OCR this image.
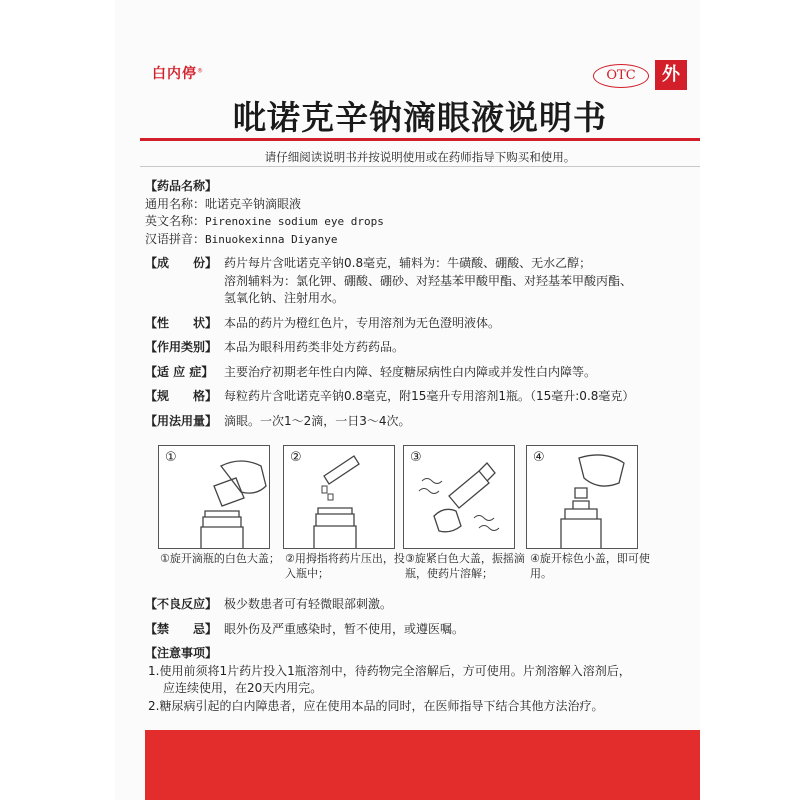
白内停®	OTC	外
吡诺克辛钠滴眼液说明书
请仔细阅读说明书并按说明使用或在药师指导下购买和使用。
【药品名称】
通用名称：吡诺克辛钠滴眼液
英文名称：Pirenoxine sodium eye drops
汉语拼音：Binuokexinna Diyanye
【成　　份】 药片每片含吡诺克辛钠0.8毫克，辅料为：牛磺酸、硼酸、无水乙醇；
溶剂辅料为：氯化钾、硼酸、硼砂、对羟基苯甲酸甲酯、对羟基苯甲酸丙酯、
氢氧化钠、注射用水。
【性　　状】 本品的药片为橙红色片，专用溶剂为无色澄明液体。
【作用类别】 本品为眼科用药类非处方药药品。
【适 应 症】 主要治疗初期老年性白内障、轻度糖尿病性白内障或并发性白内障等。
【规　　格】 每粒药片含吡诺克辛钠0.8毫克，附15毫升专用溶剂1瓶。（15毫升:0.8毫克）
【用法用量】 滴眼。一次1～2滴，一日3～4次。
①	②	③	④
①旋开滴瓶的白色大盖； ②用拇指将药片压出，投入瓶中；
③旋紧白色大盖，振摇滴瓶，使药片溶解；
④旋开棕色小盖，即可使用。
【不良反应】 极少数患者可有轻微眼部刺激。
【禁　　忌】 眼外伤及严重感染时，暂不使用，或遵医嘱。
【注意事项】

1.使用前须将1片药片投入1瓶溶剂中，待药物完全溶解后，方可使用。片剂溶解入溶剂后，

应连续使用，在20天内用完。

2.糖尿病引起的白内障患者，应在使用本品的同时，在医师指导下结合其他方法治疗。
